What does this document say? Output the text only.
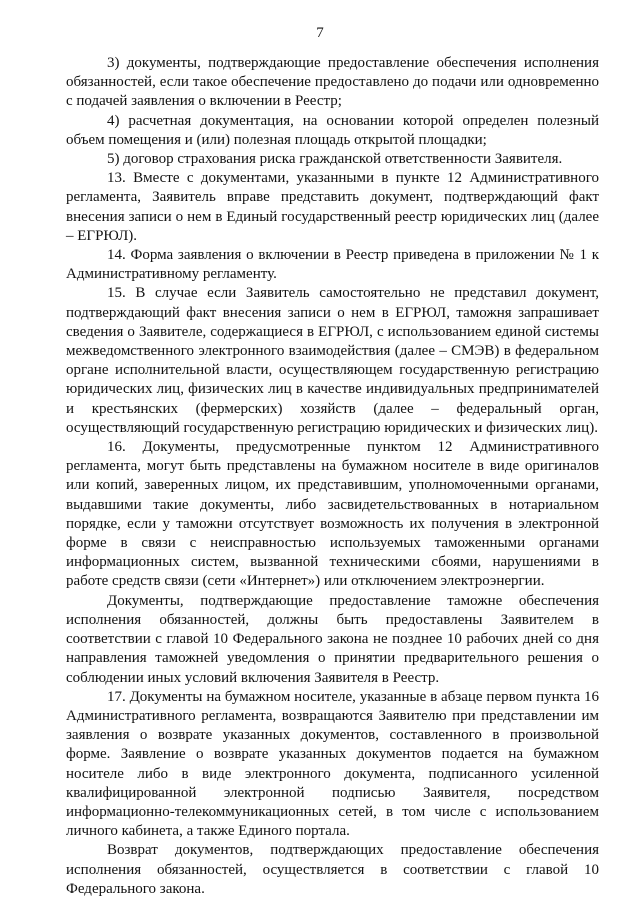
7

3) документы, подтверждающие предоставление обеспечения исполнения обязанностей, если такое обеспечение предоставлено до подачи или одновременно с подачей заявления о включении в Реестр;

4) расчетная документация, на основании которой определен полезный объем помещения и (или) полезная площадь открытой площадки;

5) договор страхования риска гражданской ответственности Заявителя.

13. Вместе с документами, указанными в пункте 12 Административного регламента, Заявитель вправе представить документ, подтверждающий факт внесения записи о нем в Единый государственный реестр юридических лиц (далее – ЕГРЮЛ).

14. Форма заявления о включении в Реестр приведена в приложении № 1 к Административному регламенту.

15. В случае если Заявитель самостоятельно не представил документ, подтверждающий факт внесения записи о нем в ЕГРЮЛ, таможня запрашивает сведения о Заявителе, содержащиеся в ЕГРЮЛ, с использованием единой системы межведомственного электронного взаимодействия (далее – СМЭВ) в федеральном органе исполнительной власти, осуществляющем государственную регистрацию юридических лиц, физических лиц в качестве индивидуальных предпринимателей и крестьянских (фермерских) хозяйств (далее – федеральный орган, осуществляющий государственную регистрацию юридических и физических лиц).

16. Документы, предусмотренные пунктом 12 Административного регламента, могут быть представлены на бумажном носителе в виде оригиналов или копий, заверенных лицом, их представившим, уполномоченными органами, выдавшими такие документы, либо засвидетельствованных в нотариальном порядке, если у таможни отсутствует возможность их получения в электронной форме в связи с неисправностью используемых таможенными органами информационных систем, вызванной техническими сбоями, нарушениями в работе средств связи (сети «Интернет») или отключением электроэнергии.

Документы, подтверждающие предоставление таможне обеспечения исполнения обязанностей, должны быть предоставлены Заявителем в соответствии с главой 10 Федерального закона не позднее 10 рабочих дней со дня направления таможней уведомления о принятии предварительного решения о соблюдении иных условий включения Заявителя в Реестр.

17. Документы на бумажном носителе, указанные в абзаце первом пункта 16 Административного регламента, возвращаются Заявителю при представлении им заявления о возврате указанных документов, составленного в произвольной форме. Заявление о возврате указанных документов подается на бумажном носителе либо в виде электронного документа, подписанного усиленной квалифицированной электронной подписью Заявителя, посредством информационно-телекоммуникационных сетей, в том числе с использованием личного кабинета, а также Единого портала.

Возврат документов, подтверждающих предоставление обеспечения исполнения обязанностей, осуществляется в соответствии с главой 10 Федерального закона.
